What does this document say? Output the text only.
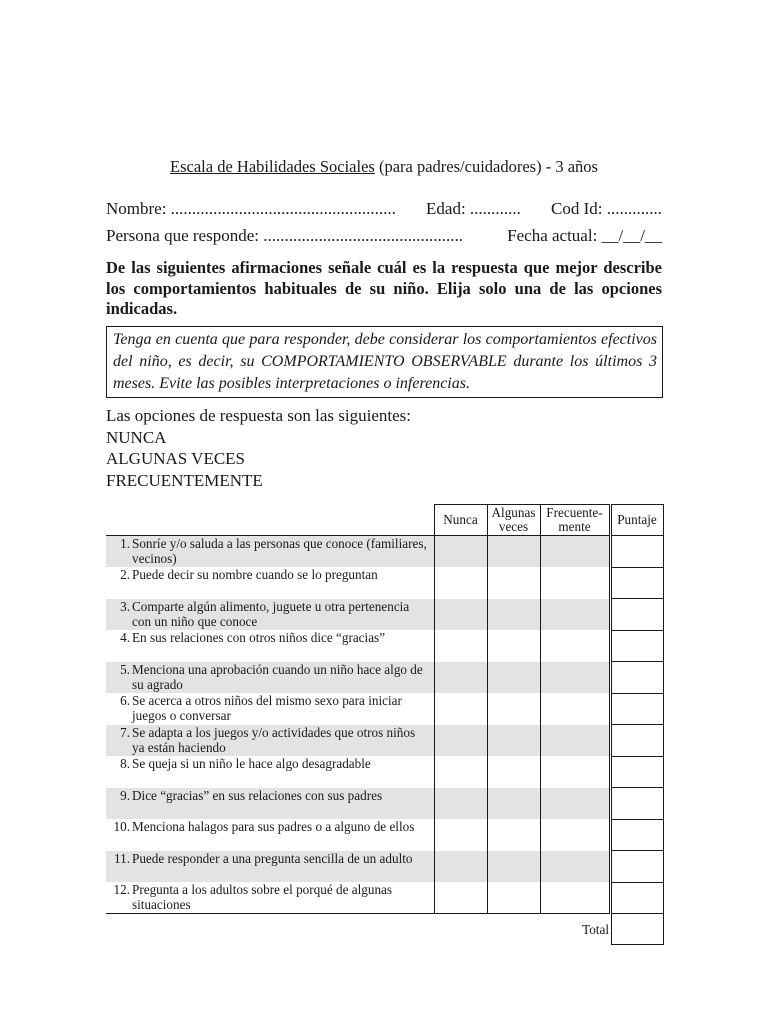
Escala de Habilidades Sociales (para padres/cuidadores) - 3 años
Nombre: ..................................................... Edad: ............ Cod Id: .............
Persona que responde: ...............................................	Fecha actual: __/__/__
De las siguientes afirmaciones señale cuál es la respuesta que mejor describe los comportamientos habituales de su niño. Elija solo una de las opciones indicadas.
Tenga en cuenta que para responder, debe considerar los comportamientos efectivos del niño, es decir, su COMPORTAMIENTO OBSERVABLE durante los últimos 3 meses. Evite las posibles interpretaciones o inferencias.
Las opciones de respuesta son las siguientes:
NUNCA
ALGUNAS VECES
FRECUENTEMENTE
	Nunca	Algunas veces	Frecuente- mente		Puntaje

1. Sonríe y/o saluda a las personas que conoce (familiares, vecinos)					

2. Puede decir su nombre cuando se lo preguntan					

3. Comparte algún alimento, juguete u otra pertenencia con un niño que conoce					

4. En sus relaciones con otros niños dice “gracias”					

5. Menciona una aprobación cuando un niño hace algo de su agrado					

6. Se acerca a otros niños del mismo sexo para iniciar juegos o conversar					

7. Se adapta a los juegos y/o actividades que otros niños ya están haciendo					

8. Se queja si un niño le hace algo desagradable					

9. Dice “gracias” en sus relaciones con sus padres					

10. Menciona halagos para sus padres o a alguno de ellos					

11. Puede responder a una pregunta sencilla de un adulto					

12. Pregunta a los adultos sobre el porqué de algunas situaciones					

Total					
